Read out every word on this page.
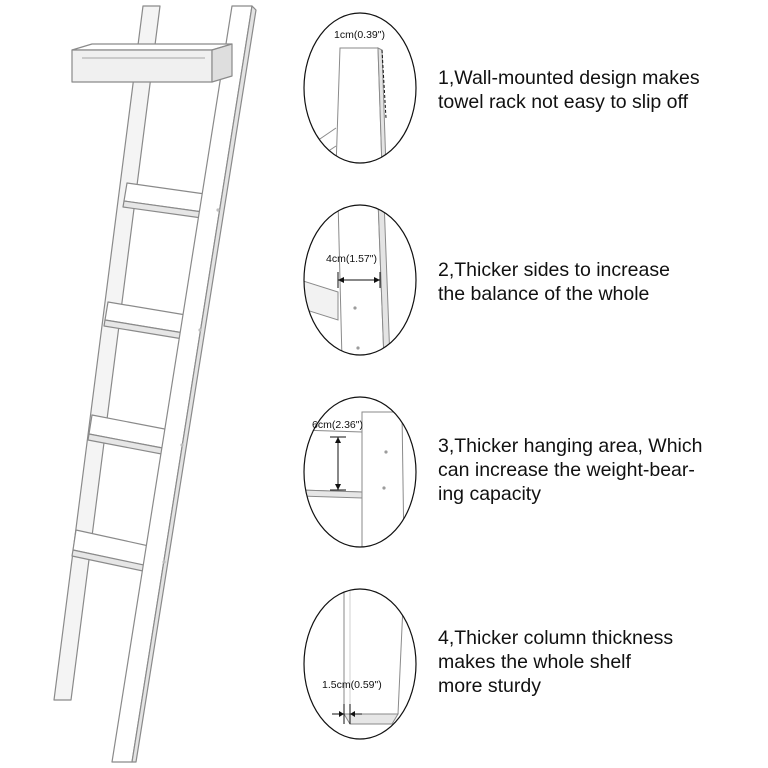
1cm(0.39")
1,Wall-mounted design makes
towel rack not easy to slip off
4cm(1.57")	2,Thicker sides to increase
the balance of the whole
6cm(2.36")
3,Thicker hanging area, Which
can increase the weight-bear-
ing capacity
1.5cm(0.59")
4,Thicker column thickness
makes the whole shelf
more sturdy
